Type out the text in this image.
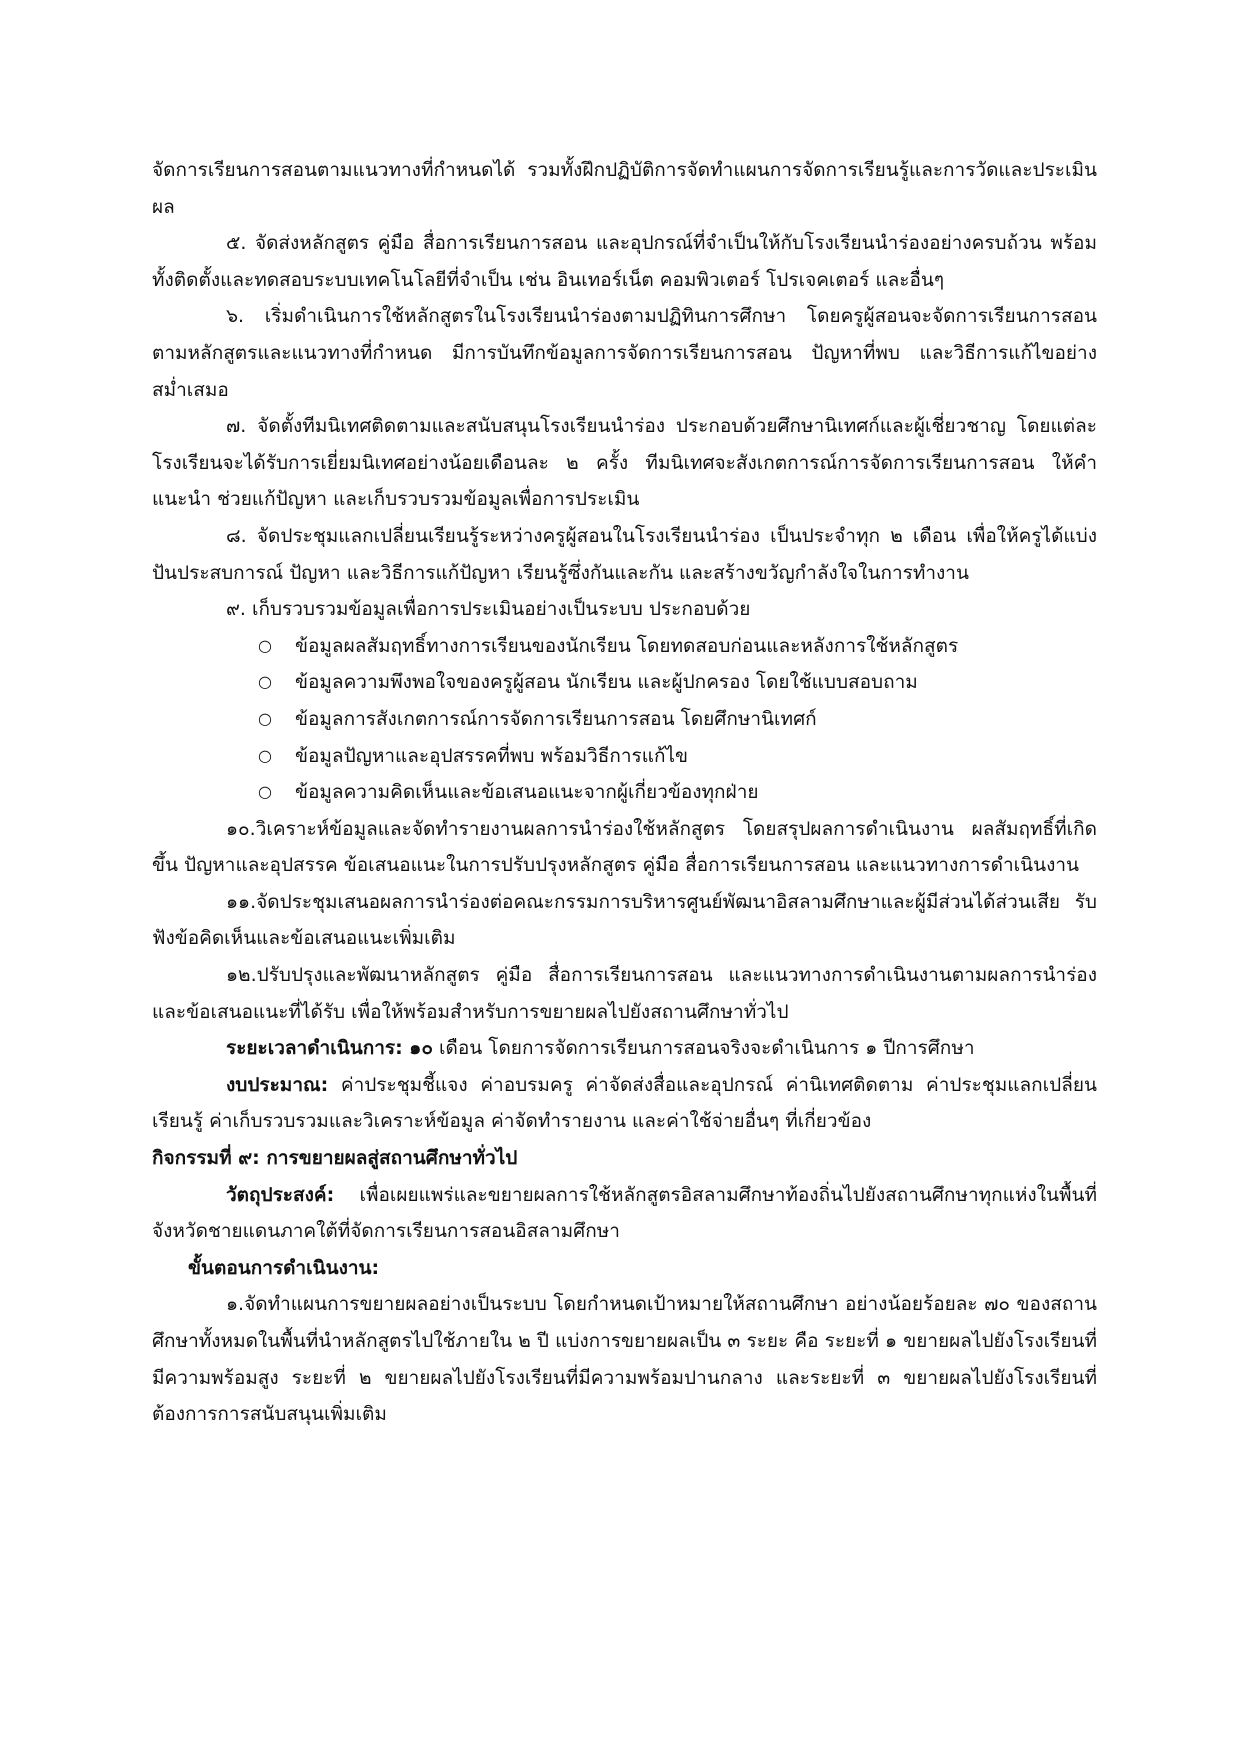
จัดการเรียนการสอนตามแนวทางที่กำหนดได้ รวมทั้งฝึกปฏิบัติการจัดทำแผนการจัดการเรียนรู้และการวัดและประเมินผล

๕. จัดส่งหลักสูตร คู่มือ สื่อการเรียนการสอน และอุปกรณ์ที่จำเป็นให้กับโรงเรียนนำร่องอย่างครบถ้วน พร้อมทั้งติดตั้งและทดสอบระบบเทคโนโลยีที่จำเป็น เช่น อินเทอร์เน็ต คอมพิวเตอร์ โปรเจคเตอร์ และอื่นๆ

๖. เริ่มดำเนินการใช้หลักสูตรในโรงเรียนนำร่องตามปฏิทินการศึกษา โดยครูผู้สอนจะจัดการเรียนการสอนตามหลักสูตรและแนวทางที่กำหนด มีการบันทึกข้อมูลการจัดการเรียนการสอน ปัญหาที่พบ และวิธีการแก้ไขอย่างสม่ำเสมอ

๗. จัดตั้งทีมนิเทศติดตามและสนับสนุนโรงเรียนนำร่อง ประกอบด้วยศึกษานิเทศก์และผู้เชี่ยวชาญ โดยแต่ละโรงเรียนจะได้รับการเยี่ยมนิเทศอย่างน้อยเดือนละ ๒ ครั้ง ทีมนิเทศจะสังเกตการณ์การจัดการเรียนการสอน ให้คำแนะนำ ช่วยแก้ปัญหา และเก็บรวบรวมข้อมูลเพื่อการประเมิน

๘. จัดประชุมแลกเปลี่ยนเรียนรู้ระหว่างครูผู้สอนในโรงเรียนนำร่อง เป็นประจำทุก ๒ เดือน เพื่อให้ครูได้แบ่งปันประสบการณ์ ปัญหา และวิธีการแก้ปัญหา เรียนรู้ซึ่งกันและกัน และสร้างขวัญกำลังใจในการทำงาน

๙. เก็บรวบรวมข้อมูลเพื่อการประเมินอย่างเป็นระบบ ประกอบด้วย

○ ข้อมูลผลสัมฤทธิ์ทางการเรียนของนักเรียน โดยทดสอบก่อนและหลังการใช้หลักสูตร
○ ข้อมูลความพึงพอใจของครูผู้สอน นักเรียน และผู้ปกครอง โดยใช้แบบสอบถาม
○ ข้อมูลการสังเกตการณ์การจัดการเรียนการสอน โดยศึกษานิเทศก์
○ ข้อมูลปัญหาและอุปสรรคที่พบ พร้อมวิธีการแก้ไข
○ ข้อมูลความคิดเห็นและข้อเสนอแนะจากผู้เกี่ยวข้องทุกฝ่าย

๑๐.วิเคราะห์ข้อมูลและจัดทำรายงานผลการนำร่องใช้หลักสูตร โดยสรุปผลการดำเนินงาน ผลสัมฤทธิ์ที่เกิดขึ้น ปัญหาและอุปสรรค ข้อเสนอแนะในการปรับปรุงหลักสูตร คู่มือ สื่อการเรียนการสอน และแนวทางการดำเนินงาน

๑๑.จัดประชุมเสนอผลการนำร่องต่อคณะกรรมการบริหารศูนย์พัฒนาอิสลามศึกษาและผู้มีส่วนได้ส่วนเสีย รับฟังข้อคิดเห็นและข้อเสนอแนะเพิ่มเติม

๑๒.ปรับปรุงและพัฒนาหลักสูตร คู่มือ สื่อการเรียนการสอน และแนวทางการดำเนินงานตามผลการนำร่องและข้อเสนอแนะที่ได้รับ เพื่อให้พร้อมสำหรับการขยายผลไปยังสถานศึกษาทั่วไป

ระยะเวลาดำเนินการ: ๑๐ เดือน โดยการจัดการเรียนการสอนจริงจะดำเนินการ ๑ ปีการศึกษา

งบประมาณ: ค่าประชุมชี้แจง ค่าอบรมครู ค่าจัดส่งสื่อและอุปกรณ์ ค่านิเทศติดตาม ค่าประชุมแลกเปลี่ยนเรียนรู้ ค่าเก็บรวบรวมและวิเคราะห์ข้อมูล ค่าจัดทำรายงาน และค่าใช้จ่ายอื่นๆ ที่เกี่ยวข้อง

กิจกรรมที่ ๙: การขยายผลสู่สถานศึกษาทั่วไป

วัตถุประสงค์: เพื่อเผยแพร่และขยายผลการใช้หลักสูตรอิสลามศึกษาท้องถิ่นไปยังสถานศึกษาทุกแห่งในพื้นที่จังหวัดชายแดนภาคใต้ที่จัดการเรียนการสอนอิสลามศึกษา

ขั้นตอนการดำเนินงาน:

๑.จัดทำแผนการขยายผลอย่างเป็นระบบ โดยกำหนดเป้าหมายให้สถานศึกษา อย่างน้อยร้อยละ ๗๐ ของสถานศึกษาทั้งหมดในพื้นที่นำหลักสูตรไปใช้ภายใน ๒ ปี แบ่งการขยายผลเป็น ๓ ระยะ คือ ระยะที่ ๑ ขยายผลไปยังโรงเรียนที่มีความพร้อมสูง ระยะที่ ๒ ขยายผลไปยังโรงเรียนที่มีความพร้อมปานกลาง และระยะที่ ๓ ขยายผลไปยังโรงเรียนที่ต้องการการสนับสนุนเพิ่มเติม
